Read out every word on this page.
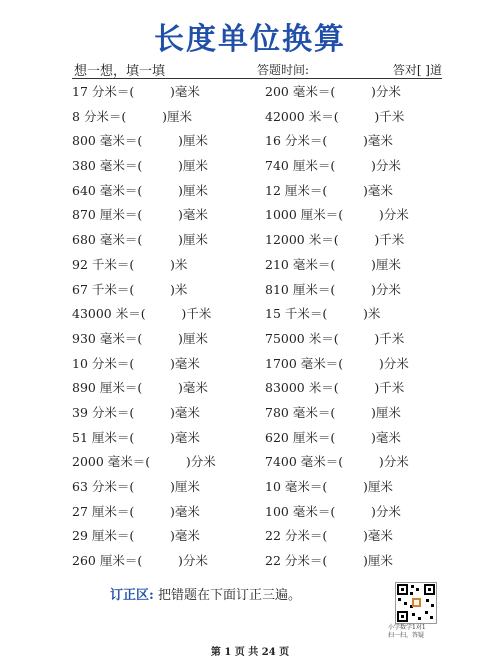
长度单位换算
想一想，填一填	答题时间:	答对[ ]道
17 分米＝(         )毫米
8 分米＝(         )厘米
800 毫米＝(         )厘米
380 毫米＝(         )厘米
640 毫米＝(         )厘米
870 厘米＝(         )毫米
680 毫米＝(         )厘米
92 千米＝(         )米
67 千米＝(         )米
43000 米＝(         )千米
930 毫米＝(         )厘米
10 分米＝(         )毫米
890 厘米＝(         )毫米
39 分米＝(         )毫米
51 厘米＝(         )毫米
2000 毫米＝(         )分米
63 分米＝(         )厘米
27 厘米＝(         )毫米
29 厘米＝(         )毫米
260 厘米＝(         )分米
200 毫米＝(         )分米
42000 米＝(         )千米
16 分米＝(         )毫米
740 厘米＝(         )分米
12 厘米＝(         )毫米
1000 厘米＝(         )分米
12000 米＝(         )千米
210 毫米＝(         )厘米
810 厘米＝(         )分米
15 千米＝(         )米
75000 米＝(         )千米
1700 毫米＝(         )分米
83000 米＝(         )千米
780 毫米＝(         )厘米
620 厘米＝(         )毫米
7400 毫米＝(         )分米
10 毫米＝(         )厘米
100 毫米＝(         )分米
22 分米＝(         )毫米
22 分米＝(         )厘米
订正区: 把错题在下面订正三遍。
小学数学1对1
扫一扫，答疑
第 1 页 共 24 页
